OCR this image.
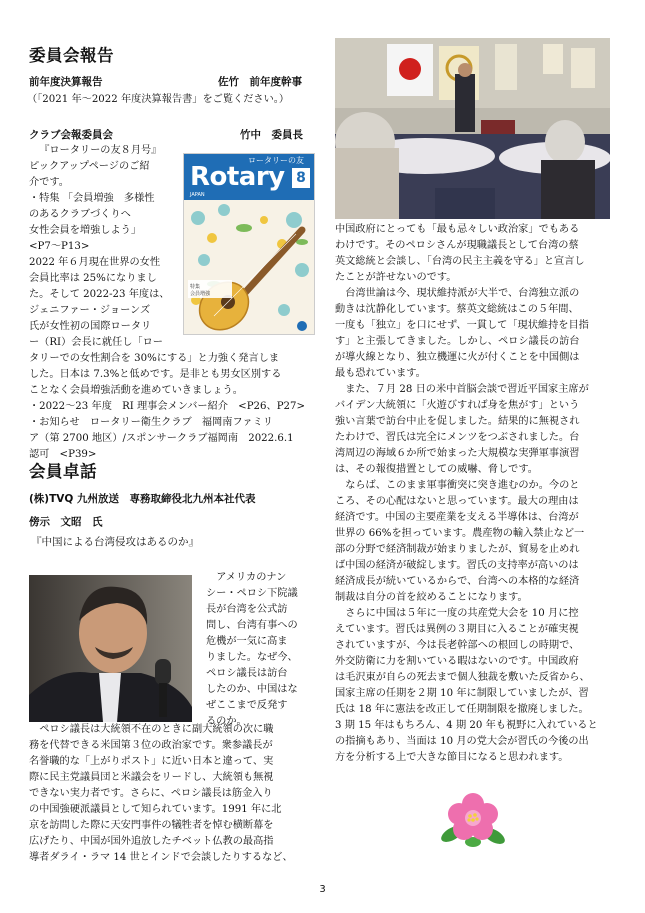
委員会報告
前年度決算報告	佐竹　前年度幹事
（「2021 年～2022 年度決算報告書」をご覧ください。）
クラブ会報委員会	竹中　委員長
『ロータリーの友８月号』
ピックアップページのご紹
介です。
・特集 「会員増強　多様性
のあるクラブづくりへ
女性会員を増強しよう」
<P7～P13>
2022 年６月現在世界の女性
会員比率は 25%になりまし
た。そして 2022-23 年度は、
ジェニファー・ジョーンズ
氏が女性初の国際ロータリ
ー（RI）会長に就任し「ロー
ロータリーの友
Rotary 8
JAPAN
特集
会員増強
タリーでの女性割合を 30%にする」と力強く発言しま
した。日本は 7.3%と低めです。是非とも男女区別する
ことなく会員増強活動を進めていきましょう。
・2022～23 年度　RI 理事会メンバー紹介　<P26、P27>
・お知らせ　ロータリー衛生クラブ　福岡南ファミリ
ア（第 2700 地区）/スポンサークラブ福岡南　2022.6.1
認可　<P39>
会員卓話
(株)TVQ 九州放送　専務取締役北九州本社代表
傍示　文昭　氏
『中国による台湾侵攻はあるのか』
アメリカのナン
シー・ペロシ下院議
長が台湾を公式訪
問し、台湾有事への
危機が一気に高ま
りました。なぜ今、
ペロシ議長は訪台
したのか、中国はな
ぜここまで反発す
るのか。
ペロシ議長は大統領不在のときに副大統領の次に職
務を代替できる米国第３位の政治家です。衆参議長が
名誉職的な「上がりポスト」に近い日本と違って、実
際に民主党議員団と米議会をリードし、大統領も無視
できない実力者です。さらに、ペロシ議長は筋金入り
の中国強硬派議員として知られています。1991 年に北
京を訪問した際に天安門事件の犠牲者を悼む横断幕を
広げたり、中国が国外追放したチベット仏教の最高指
導者ダライ・ラマ 14 世とインドで会談したりするなど、
中国政府にとっても「最も忌々しい政治家」でもある
わけです。そのペロシさんが現職議長として台湾の蔡
英文総統と会談し、「台湾の民主主義を守る」と宣言し
たことが許せないのです。
台湾世論は今、現状維持派が大半で、台湾独立派の
動きは沈静化しています。蔡英文総統はこの５年間、
一度も「独立」を口にせず、一貫して「現状維持を目指
す」と主張してきました。しかし、ペロシ議長の訪台
が導火線となり、独立機運に火が付くことを中国側は
最も恐れています。
また、７月 28 日の米中首脳会談で習近平国家主席が
バイデン大統領に「火遊びすれば身を焦がす」という
強い言葉で訪台中止を促しました。結果的に無視され
たわけで、習氏は完全にメンツをつぶされました。台
湾周辺の海域６か所で始まった大規模な実弾軍事演習
は、その報復措置としての威嚇、脅しです。
ならば、このまま軍事衝突に突き進むのか。今のと
ころ、その心配はないと思っています。最大の理由は
経済です。中国の主要産業を支える半導体は、台湾が
世界の 66%を担っています。農産物の輸入禁止など一
部の分野で経済制裁が始まりましたが、貿易を止めれ
ば中国の経済が破綻します。習氏の支持率が高いのは
経済成長が続いているからで、台湾への本格的な経済
制裁は自分の首を絞めることになります。
さらに中国は５年に一度の共産党大会を 10 月に控
えています。習氏は異例の３期目に入ることが確実視
されていますが、今は長老幹部への根回しの時期で、
外交防衛に力を割いている暇はないのです。中国政府
は毛沢東が自らの死去まで個人独裁を敷いた反省から、
国家主席の任期を２期 10 年に制限していましたが、習
氏は 18 年に憲法を改正して任期制限を撤廃しました。
3 期 15 年はもちろん、4 期 20 年も視野に入れていると
の指摘もあり、当面は 10 月の党大会が習氏の今後の出
方を分析する上で大きな節目になると思われます。
3
